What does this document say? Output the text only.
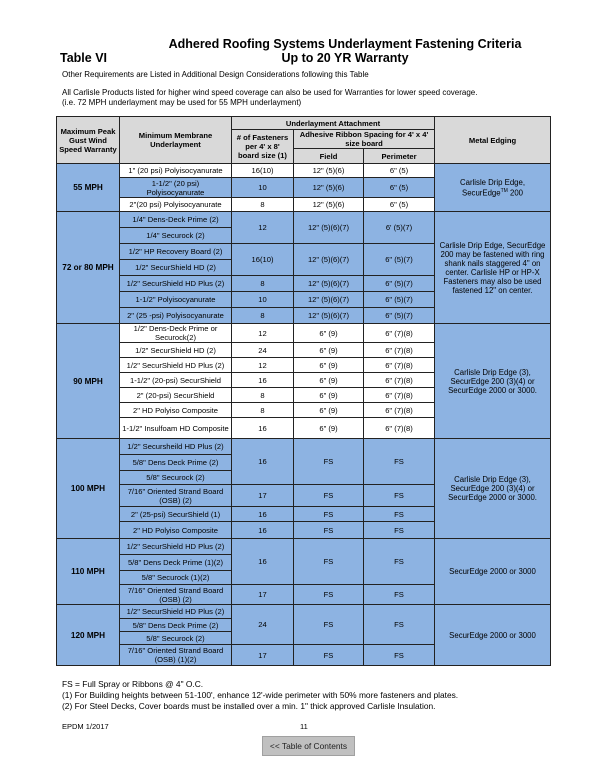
Adhered Roofing Systems Underlayment Fastening Criteria
Up to 20 YR Warranty
Table VI
Other Requirements are Listed in Additional Design Considerations following this Table
All Carlisle Products listed for higher wind speed coverage can also be used for Warranties for lower speed coverage.
(i.e. 72 MPH underlayment may be used for 55 MPH underlayment)
Maximum Peak Gust Wind Speed Warranty	Minimum Membrane Underlayment	Underlayment Attachment			Metal Edging
		# of Fasteners per 4' x 8' board size (1)	Adhesive Ribbon Spacing for 4' x 4' size board		
			Field	Perimeter	
55 MPH	1" (20 psi) Polyisocyanurate	16(10)	12" (5)(6)	6" (5)	Carlisle Drip Edge, SecurEdge™ 200
	1-1/2" (20 psi) Polyisocyanurate	10	12" (5)(6)	6" (5)	
	2"(20 psi) Polyisocyanurate	8	12" (5)(6)	6" (5)	
72 or 80 MPH	1/4" Dens-Deck Prime (2)	12	12" (5)(6)(7)	6' (5)(7)	Carlisle Drip Edge, SecurEdge 200 may be fastened with ring shank nails staggered 4" on center. Carlisle HP or HP-X Fasteners may also be used fastened 12" on center.
	1/4" Securock (2)				
	1/2" HP Recovery Board (2)	16(10)	12" (5)(6)(7)	6" (5)(7)	
	1/2" SecurShield HD (2)				
	1/2" SecurShield HD Plus (2)	8	12" (5)(6)(7)	6" (5)(7)	
	1-1/2" Polyisocyanurate	10	12" (5)(6)(7)	6" (5)(7)	
	2" (25 -psi) Polyisocyanurate	8	12" (5)(6)(7)	6" (5)(7)	
90 MPH	1/2" Dens-Deck Prime or Securock(2)	12	6" (9)	6" (7)(8)	Carlisle Drip Edge (3), SecurEdge 200 (3)(4) or SecurEdge 2000 or 3000.
	1/2" SecurShield HD (2)	24	6" (9)	6" (7)(8)	
	1/2" SecurShield HD Plus (2)	12	6" (9)	6" (7)(8)	
	1-1/2" (20-psi) SecurShield	16	6" (9)	6" (7)(8)	
	2" (20-psi) SecurShield	8	6" (9)	6" (7)(8)	
	2" HD Polyiso Composite	8	6" (9)	6" (7)(8)	
	1-1/2" Insulfoam HD Composite	16	6" (9)	6" (7)(8)	
100 MPH	1/2" Secursheild HD Plus (2)	16	FS	FS	Carlisle Drip Edge (3), SecurEdge 200 (3)(4) or SecurEdge 2000 or 3000.
	5/8" Dens Deck Prime (2)				
	5/8" Securock (2)				
	7/16" Oriented Strand Board (OSB) (2)	17	FS	FS	
	2" (25-psi) SecurShield (1)	16	FS	FS	
	2" HD Polyiso Composite	16	FS	FS	
110 MPH	1/2" SecurShield HD Plus (2)	16	FS	FS	SecurEdge 2000 or 3000
	5/8" Dens Deck Prime (1)(2)				
	5/8" Securock (1)(2)				
	7/16" Oriented Strand Board (OSB) (2)	17	FS	FS	
120 MPH	1/2" SecurShield HD Plus (2)	24	FS	FS	SecurEdge 2000 or 3000
	5/8" Dens Deck Prime (2)				
	5/8" Securock (2)				
	7/16" Oriented Strand Board (OSB) (1)(2)	17	FS	FS	
FS = Full Spray or Ribbons @ 4" O.C.
(1) For Building heights between 51-100', enhance 12'-wide perimeter with 50% more fasteners and plates.
(2) For Steel Decks, Cover boards must be installed over a min. 1" thick approved Carlisle Insulation.
EPDM 1/2017	11
<< Table of Contents
